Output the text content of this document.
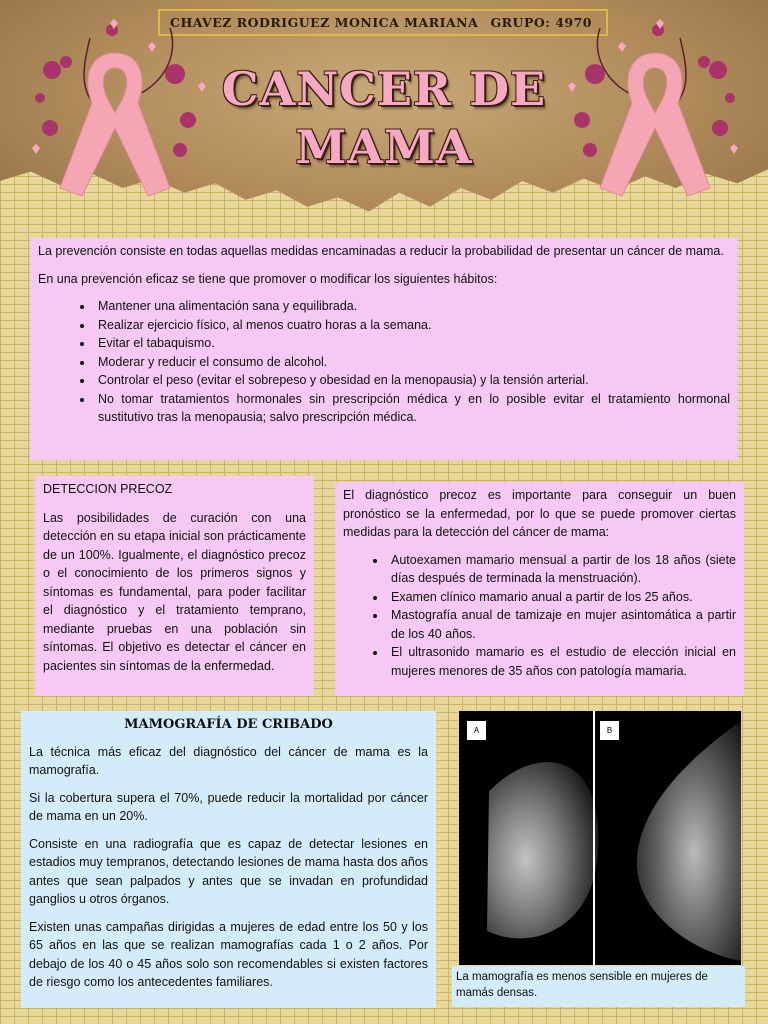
CHAVEZ RODRIGUEZ MONICA MARIANA GRUPO: 4970
CANCER DE
MAMA

La prevención consiste en todas aquellas medidas encaminadas a reducir la probabilidad de presentar un cáncer de mama.

En una prevención eficaz se tiene que promover o modificar los siguientes hábitos:

• Mantener una alimentación sana y equilibrada.
• Realizar ejercicio físico, al menos cuatro horas a la semana.
• Evitar el tabaquismo.
• Moderar y reducir el consumo de alcohol.
• Controlar el peso (evitar el sobrepeso y obesidad en la menopausia) y la tensión arterial.
• No tomar tratamientos hormonales sin prescripción médica y en lo posible evitar el tratamiento hormonal sustitutivo tras la menopausia; salvo prescripción médica.

DETECCION PRECOZ

Las posibilidades de curación con una detección en su etapa inicial son prácticamente de un 100%. Igualmente, el diagnóstico precoz o el conocimiento de los primeros signos y síntomas es fundamental, para poder facilitar el diagnóstico y el tratamiento temprano, mediante pruebas en una población sin síntomas. El objetivo es detectar el cáncer en pacientes sin síntomas de la enfermedad.

El diagnóstico precoz es importante para conseguir un buen pronóstico se la enfermedad, por lo que se puede promover ciertas medidas para la detección del cáncer de mama:

• Autoexamen mamario mensual a partir de los 18 años (siete días después de terminada la menstruación).
• Examen clínico mamario anual a partir de los 25 años.
• Mastografía anual de tamizaje en mujer asintomática a partir de los 40 años.
• El ultrasonido mamario es el estudio de elección inicial en mujeres menores de 35 años con patología mamaria.
MAMOGRAFÍA DE CRIBADO

La técnica más eficaz del diagnóstico del cáncer de mama es la mamografía.

Si la cobertura supera el 70%, puede reducir la mortalidad por cáncer de mama en un 20%.

Consiste en una radiografía que es capaz de detectar lesiones en estadios muy tempranos, detectando lesiones de mama hasta dos años antes que sean palpados y antes que se invadan en profundidad ganglios u otros órganos.

Existen unas campañas dirigidas a mujeres de edad entre los 50 y los 65 años en las que se realizan mamografías cada 1 o 2 años. Por debajo de los 40 o 45 años solo son recomendables si existen factores de riesgo como los antecedentes familiares.

A	B
La mamografía es menos sensible en mujeres de mamás densas.
